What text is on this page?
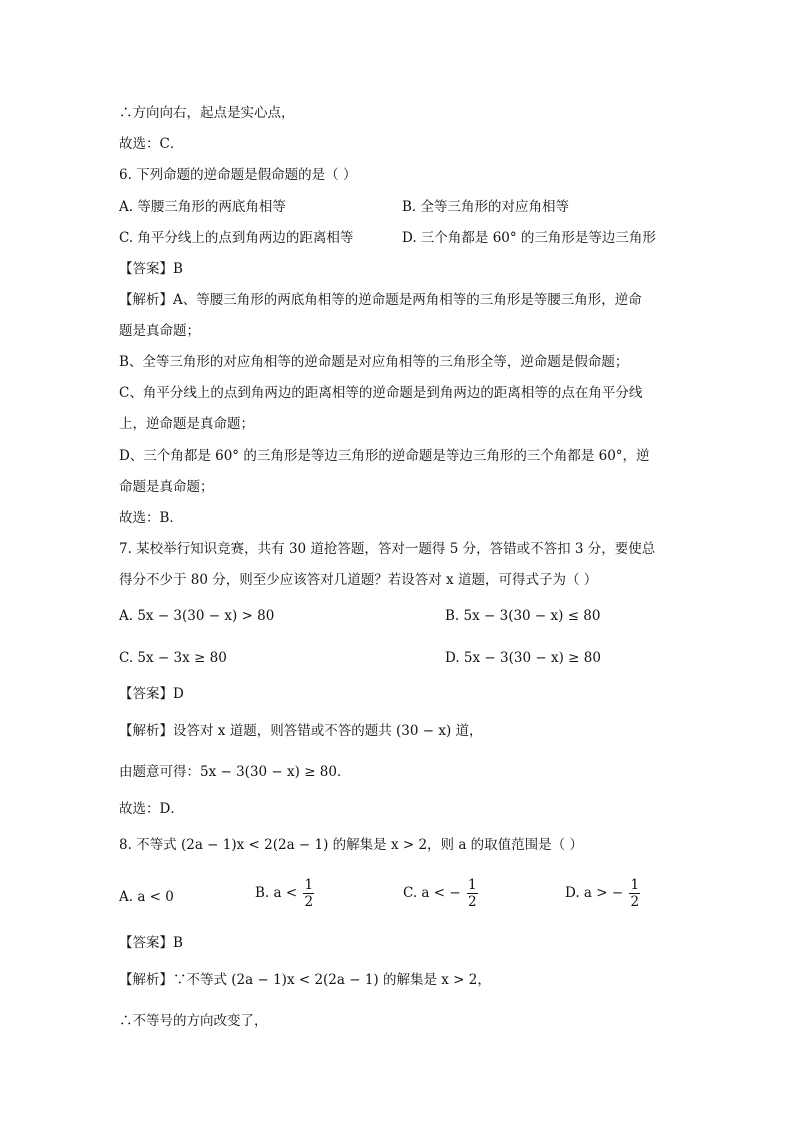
∴方向向右，起点是实心点，
故选：C．
6. 下列命题的逆命题是假命题的是（ ）
A. 等腰三角形的两底角相等	B. 全等三角形的对应角相等
C. 角平分线上的点到角两边的距离相等	D. 三个角都是 60° 的三角形是等边三角形
【答案】B
【解析】A、等腰三角形的两底角相等的逆命题是两角相等的三角形是等腰三角形，逆命
题是真命题；
B、全等三角形的对应角相等的逆命题是对应角相等的三角形全等，逆命题是假命题；
C、角平分线上的点到角两边的距离相等的逆命题是到角两边的距离相等的点在角平分线
上，逆命题是真命题；
D、三个角都是 60° 的三角形是等边三角形的逆命题是等边三角形的三个角都是 60°，逆
命题是真命题；
故选：B．
7. 某校举行知识竞赛，共有 30 道抢答题，答对一题得 5 分，答错或不答扣 3 分，要使总
得分不少于 80 分，则至少应该答对几道题？若设答对 x 道题，可得式子为（ ）
A. 5x − 3(30 − x) > 80	B. 5x − 3(30 − x) ≤ 80
C. 5x − 3x ≥ 80	D. 5x − 3(30 − x) ≥ 80
【答案】D
【解析】设答对 x 道题，则答错或不答的题共 (30 − x) 道，
由题意可得：5x − 3(30 − x) ≥ 80．
故选：D．
8. 不等式 (2a − 1)x < 2(2a − 1) 的解集是 x > 2，则 a 的取值范围是（ ）
A. a < 0	B. $a < \frac{1}{2}$	C. a < − $\frac{1}{2}$	D. a > − $\frac{1}{2}$
【答案】B
【解析】∵不等式 (2a − 1)x < 2(2a − 1) 的解集是 x > 2，
∴不等号的方向改变了，
